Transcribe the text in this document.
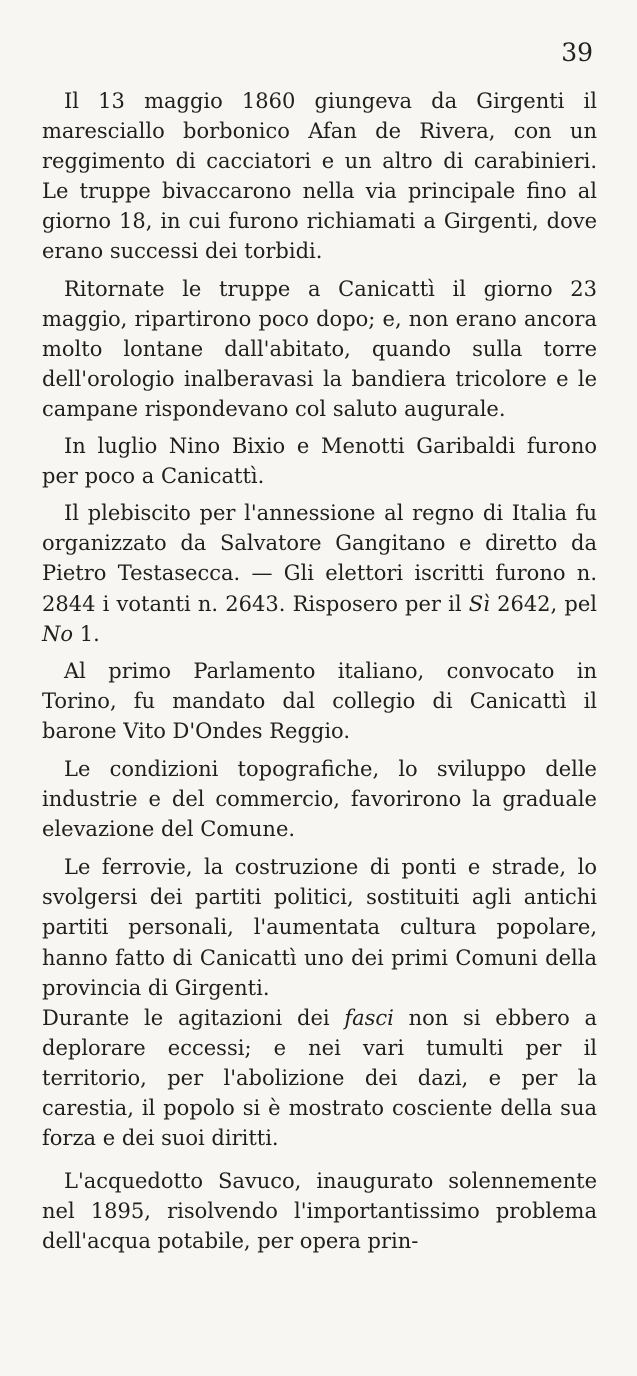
39

Il 13 maggio 1860 giungeva da Girgenti il maresciallo borbonico Afan de Rivera, con un reggimento di cacciatori e un altro di carabinieri. Le truppe bivaccarono nella via principale fino al giorno 18, in cui furono richiamati a Girgenti, dove erano successi dei torbidi.

Ritornate le truppe a Canicattì il giorno 23 maggio, ripartirono poco dopo; e, non erano ancora molto lontane dall'abitato, quando sulla torre dell'orologio inalberavasi la bandiera tricolore e le campane rispondevano col saluto augurale.

In luglio Nino Bixio e Menotti Garibaldi furono per poco a Canicattì.

Il plebiscito per l'annessione al regno di Italia fu organizzato da Salvatore Gangitano e diretto da Pietro Testasecca. — Gli elettori iscritti furono n. 2844 i votanti n. 2643. Risposero per il Sì 2642, pel No 1.

Al primo Parlamento italiano, convocato in Torino, fu mandato dal collegio di Canicattì il barone Vito D'Ondes Reggio.

Le condizioni topografiche, lo sviluppo delle industrie e del commercio, favorirono la graduale elevazione del Comune.

Le ferrovie, la costruzione di ponti e strade, lo svolgersi dei partiti politici, sostituiti agli antichi partiti personali, l'aumentata cultura popolare, hanno fatto di Canicattì uno dei primi Comuni della provincia di Girgenti.

Durante le agitazioni dei fasci non si ebbero a deplorare eccessi; e nei vari tumulti per il territorio, per l'abolizione dei dazi, e per la carestia, il popolo si è mostrato cosciente della sua forza e dei suoi diritti.

L'acquedotto Savuco, inaugurato solennemente nel 1895, risolvendo l'importantissimo problema dell'acqua potabile, per opera prin-
